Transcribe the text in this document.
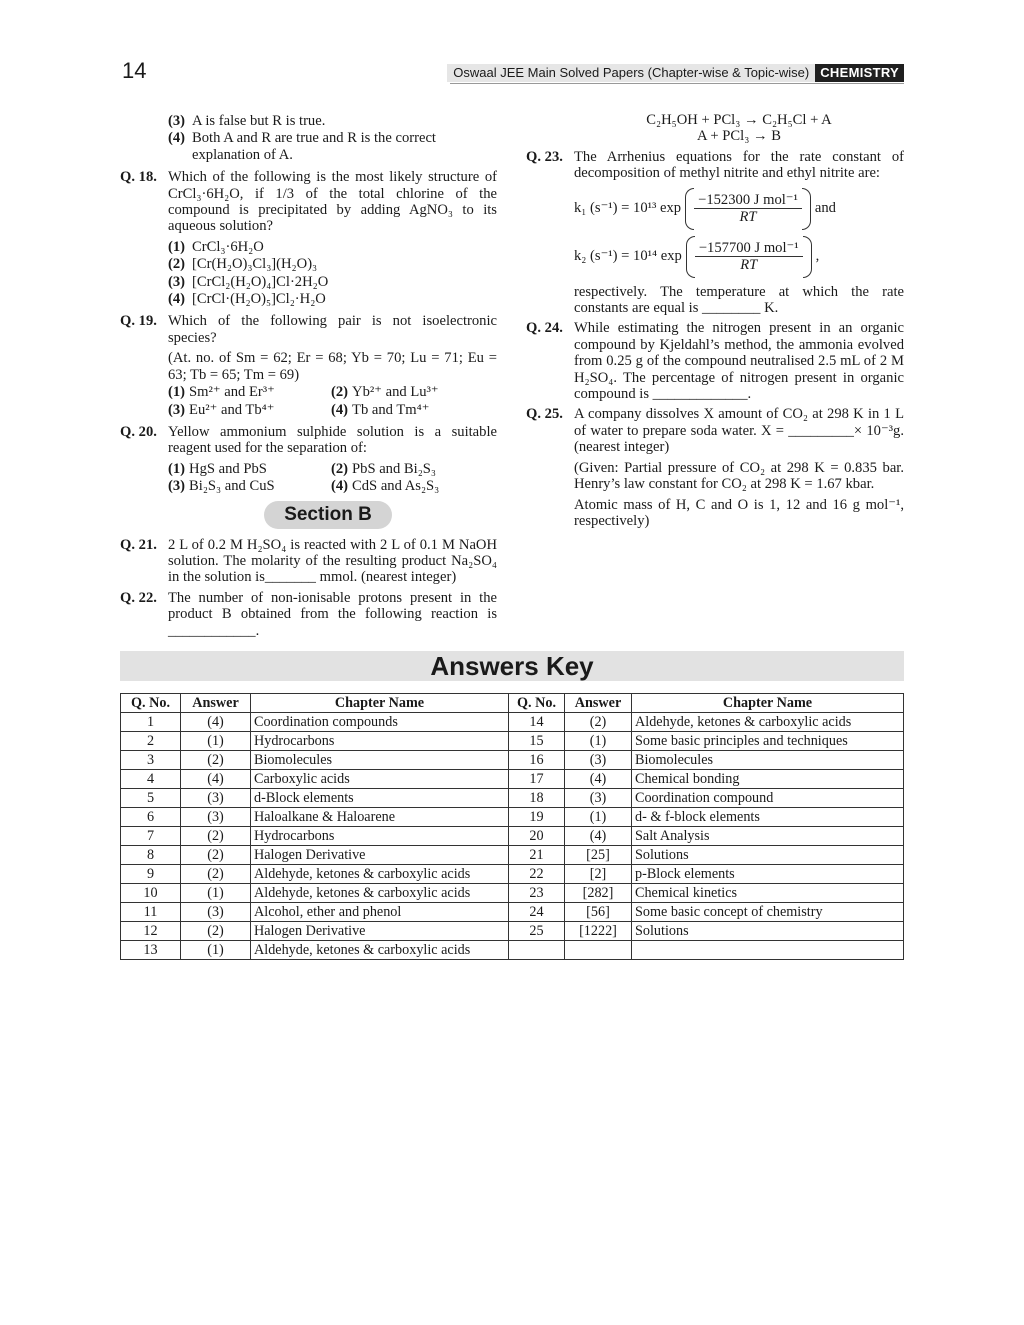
14	Oswaal JEE Main Solved Papers (Chapter-wise & Topic-wise) CHEMISTRY
(3) A is false but R is true.
(4) Both A and R are true and R is the correct explanation of A.
Q. 18. Which of the following is the most likely structure of CrCl₃·6H₂O, if 1/3 of the total chlorine of the compound is precipitated by adding AgNO₃ to its aqueous solution?
(1) CrCl₃·6H₂O
(2) [Cr(H₂O)₃Cl₃](H₂O)₃
(3) [CrCl₂(H₂O)₄]Cl·2H₂O
(4) [CrCl·(H₂O)₅]Cl₂·H₂O
Q. 19. Which of the following pair is not isoelectronic species?
(At. no. of Sm = 62; Er = 68; Yb = 70; Lu = 71; Eu = 63; Tb = 65; Tm = 69)
(1) Sm²⁺ and Er³⁺	(2) Yb²⁺ and Lu³⁺
(3) Eu²⁺ and Tb⁴⁺	(4) Tb and Tm⁴⁺
Q. 20. Yellow ammonium sulphide solution is a suitable reagent used for the separation of:
(1) HgS and PbS	(2) PbS and Bi₂S₃
(3) Bi₂S₃ and CuS	(4) CdS and As₂S₃
Section B
Q. 21. 2 L of 0.2 M H₂SO₄ is reacted with 2 L of 0.1 M NaOH solution. The molarity of the resulting product Na₂SO₄ in the solution is_______ mmol. (nearest integer)
Q. 22. The number of non-ionisable protons present in the product B obtained from the following reaction is ____________.
C₂H₅OH + PCl₃ → C₂H₅Cl + A
A + PCl₃ → B
Q. 23. The Arrhenius equations for the rate constant of decomposition of methyl nitrite and ethyl nitrite are:
k₁ (s⁻¹) = 10¹³ $\exp \frac{\text{−152300 J mol⁻¹}}{RT}$ and
k₂ (s⁻¹) = 10¹⁴ $\exp \frac{\text{−157700 J mol⁻¹}}{RT}$ ,
respectively. The temperature at which the rate constants are equal is ________ K.
Q. 24. While estimating the nitrogen present in an organic compound by Kjeldahl’s method, the ammonia evolved from 0.25 g of the compound neutralised 2.5 mL of 2 M H₂SO₄. The percentage of nitrogen present in organic compound is _____________.
Q. 25. A company dissolves X amount of CO₂ at 298 K in 1 L of water to prepare soda water. X = _________× 10⁻³g. (nearest integer)
(Given: Partial pressure of CO₂ at 298 K = 0.835 bar. Henry’s law constant for CO₂ at 298 K = 1.67 kbar.
Atomic mass of H, C and O is 1, 12 and 16 g mol⁻¹, respectively)
Answers Key
Q. No.	Answer	Chapter Name	Q. No.	Answer	Chapter Name
1	(4)	Coordination compounds	14	(2)	Aldehyde, ketones & carboxylic acids
2	(1)	Hydrocarbons	15	(1)	Some basic principles and techniques
3	(2)	Biomolecules	16	(3)	Biomolecules
4	(4)	Carboxylic acids	17	(4)	Chemical bonding
5	(3)	d-Block elements	18	(3)	Coordination compound
6	(3)	Haloalkane & Haloarene	19	(1)	d- & f-block elements
7	(2)	Hydrocarbons	20	(4)	Salt Analysis
8	(2)	Halogen Derivative	21	[25]	Solutions
9	(2)	Aldehyde, ketones & carboxylic acids	22	[2]	p-Block elements
10	(1)	Aldehyde, ketones & carboxylic acids	23	[282]	Chemical kinetics
11	(3)	Alcohol, ether and phenol	24	[56]	Some basic concept of chemistry
12	(2)	Halogen Derivative	25	[1222]	Solutions
13	(1)	Aldehyde, ketones & carboxylic acids			
